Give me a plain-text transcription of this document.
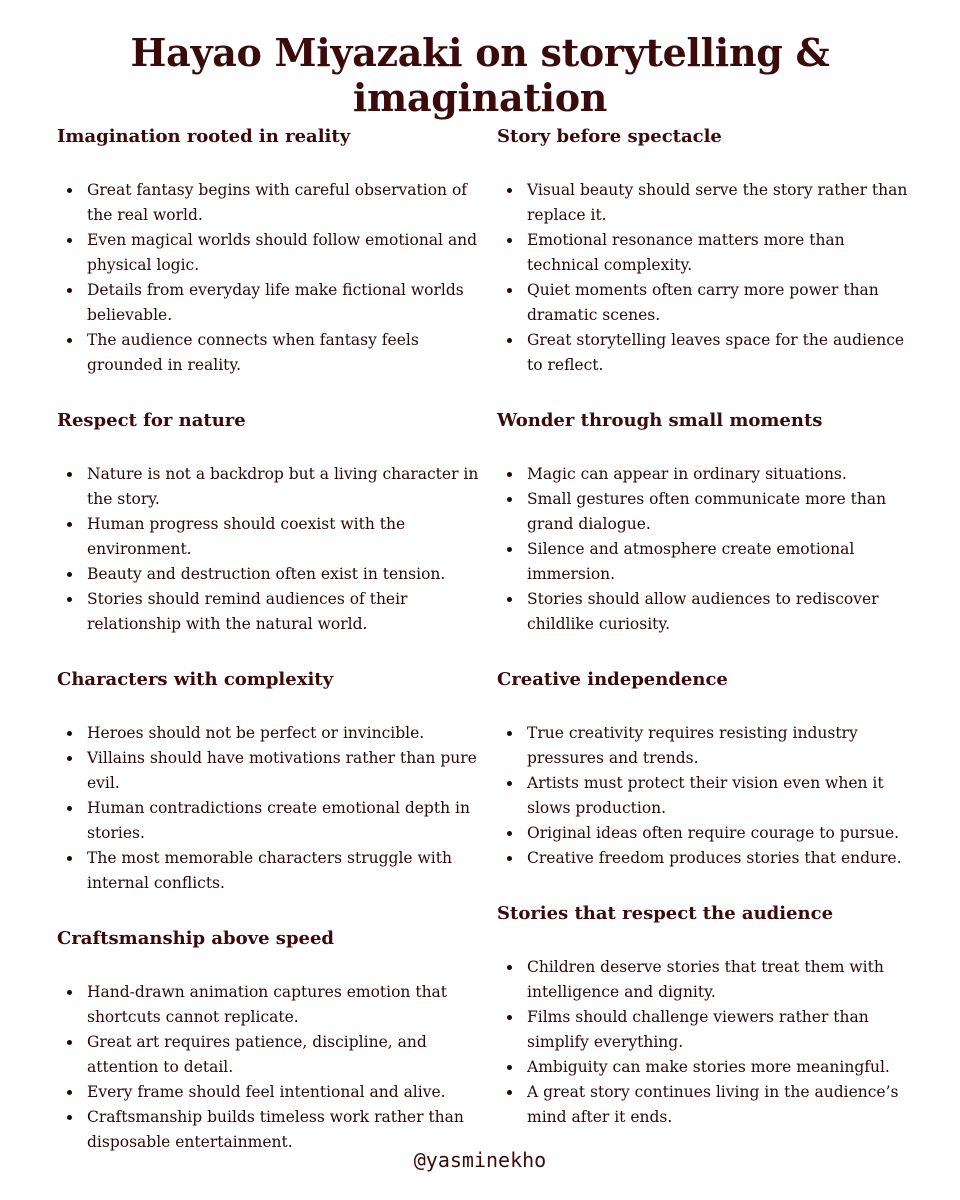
Hayao Miyazaki on storytelling & imagination
Imagination rooted in reality
Great fantasy begins with careful observation of the real world.
Even magical worlds should follow emotional and physical logic.
Details from everyday life make fictional worlds believable.
The audience connects when fantasy feels grounded in reality.
Respect for nature
Nature is not a backdrop but a living character in the story.
Human progress should coexist with the environment.
Beauty and destruction often exist in tension.
Stories should remind audiences of their relationship with the natural world.
Characters with complexity
Heroes should not be perfect or invincible.
Villains should have motivations rather than pure evil.
Human contradictions create emotional depth in stories.
The most memorable characters struggle with internal conflicts.
Craftsmanship above speed
Hand-drawn animation captures emotion that shortcuts cannot replicate.
Great art requires patience, discipline, and attention to detail.
Every frame should feel intentional and alive.
Craftsmanship builds timeless work rather than disposable entertainment.
Story before spectacle
Visual beauty should serve the story rather than replace it.
Emotional resonance matters more than technical complexity.
Quiet moments often carry more power than dramatic scenes.
Great storytelling leaves space for the audience to reflect.
Wonder through small moments
Magic can appear in ordinary situations.
Small gestures often communicate more than grand dialogue.
Silence and atmosphere create emotional immersion.
Stories should allow audiences to rediscover childlike curiosity.
Creative independence
True creativity requires resisting industry pressures and trends.
Artists must protect their vision even when it slows production.
Original ideas often require courage to pursue.
Creative freedom produces stories that endure.
Stories that respect the audience
Children deserve stories that treat them with intelligence and dignity.
Films should challenge viewers rather than simplify everything.
Ambiguity can make stories more meaningful.
A great story continues living in the audience’s mind after it ends.
@yasminekho
